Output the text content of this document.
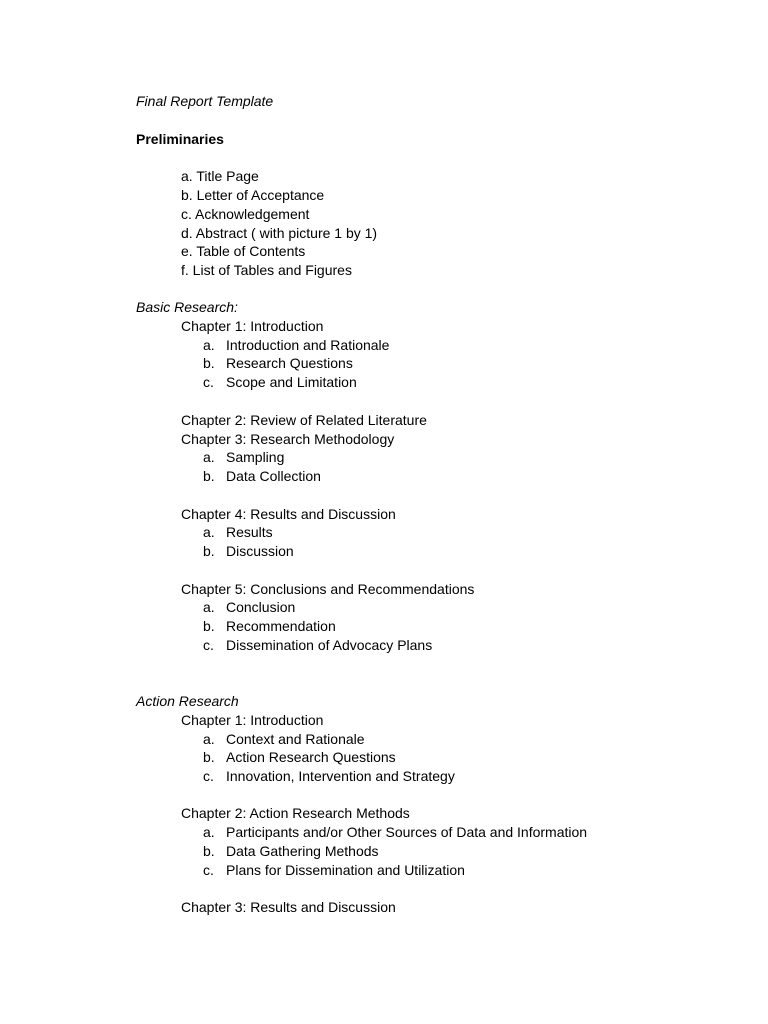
Final Report Template
Preliminaries
a. Title Page
b. Letter of Acceptance
c. Acknowledgement
d. Abstract ( with picture 1 by 1)
e. Table of Contents
f. List of Tables and Figures
Basic Research:
Chapter 1: Introduction
a. Introduction and Rationale
b. Research Questions
c. Scope and Limitation
Chapter 2: Review of Related Literature
Chapter 3: Research Methodology
a. Sampling
b. Data Collection
Chapter 4: Results and Discussion
a. Results
b. Discussion
Chapter 5: Conclusions and Recommendations
a. Conclusion
b. Recommendation
c. Dissemination of Advocacy Plans
Action Research
Chapter 1: Introduction
a. Context and Rationale
b. Action Research Questions
c. Innovation, Intervention and Strategy
Chapter 2: Action Research Methods
a. Participants and/or Other Sources of Data and Information
b. Data Gathering Methods
c. Plans for Dissemination and Utilization
Chapter 3: Results and Discussion
